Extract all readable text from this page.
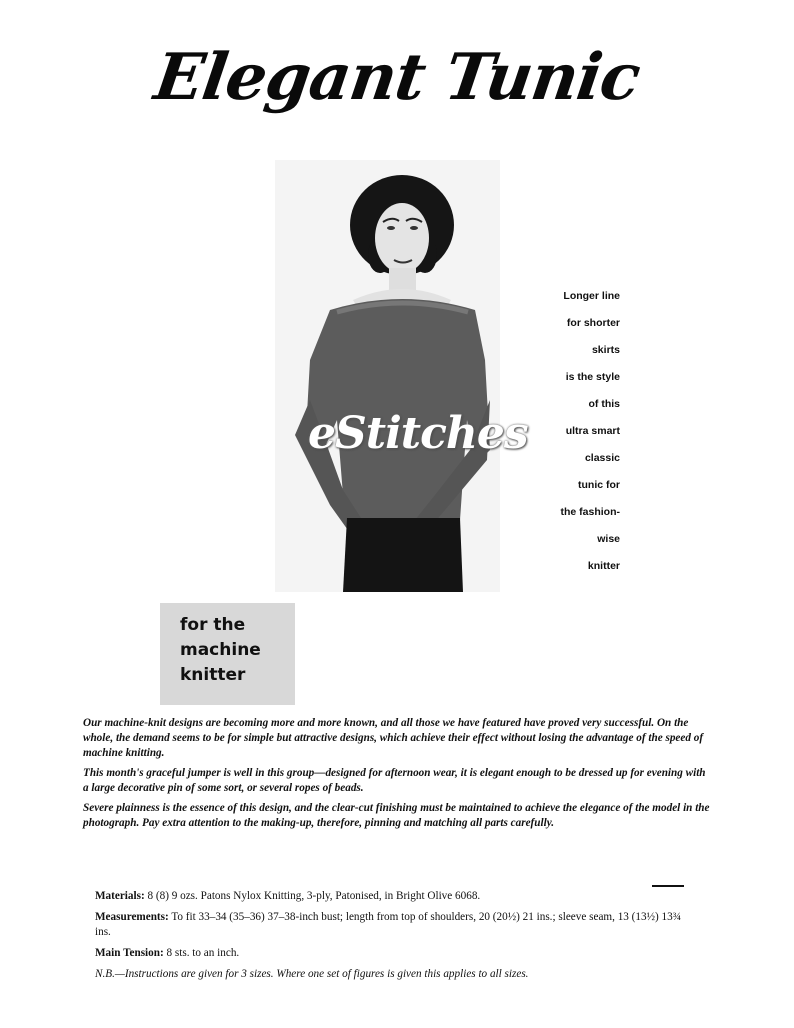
Elegant Tunic
eStitches
Longer line
for shorter
skirts
is the style
of this
ultra smart
classic
tunic for
the fashion-
wise
knitter
for the
machine
knitter

Our machine-knit designs are becoming more and more known, and all those we have featured have proved very successful. On the whole, the demand seems to be for simple but attractive designs, which achieve their effect without losing the advantage of the speed of machine knitting.

This month's graceful jumper is well in this group—designed for afternoon wear, it is elegant enough to be dressed up for evening with a large decorative pin of some sort, or several ropes of beads.

Severe plainness is the essence of this design, and the clear-cut finishing must be maintained to achieve the elegance of the model in the photograph. Pay extra attention to the making-up, therefore, pinning and matching all parts carefully.

Materials: 8 (8) 9 ozs. Patons Nylox Knitting, 3-ply, Patonised, in Bright Olive 6068.

Measurements: To fit 33–34 (35–36) 37–38-inch bust; length from top of shoulders, 20 (20½) 21 ins.; sleeve seam, 13 (13½) 13¾ ins.

Main Tension: 8 sts. to an inch.

N.B.—Instructions are given for 3 sizes. Where one set of figures is given this applies to all sizes.
